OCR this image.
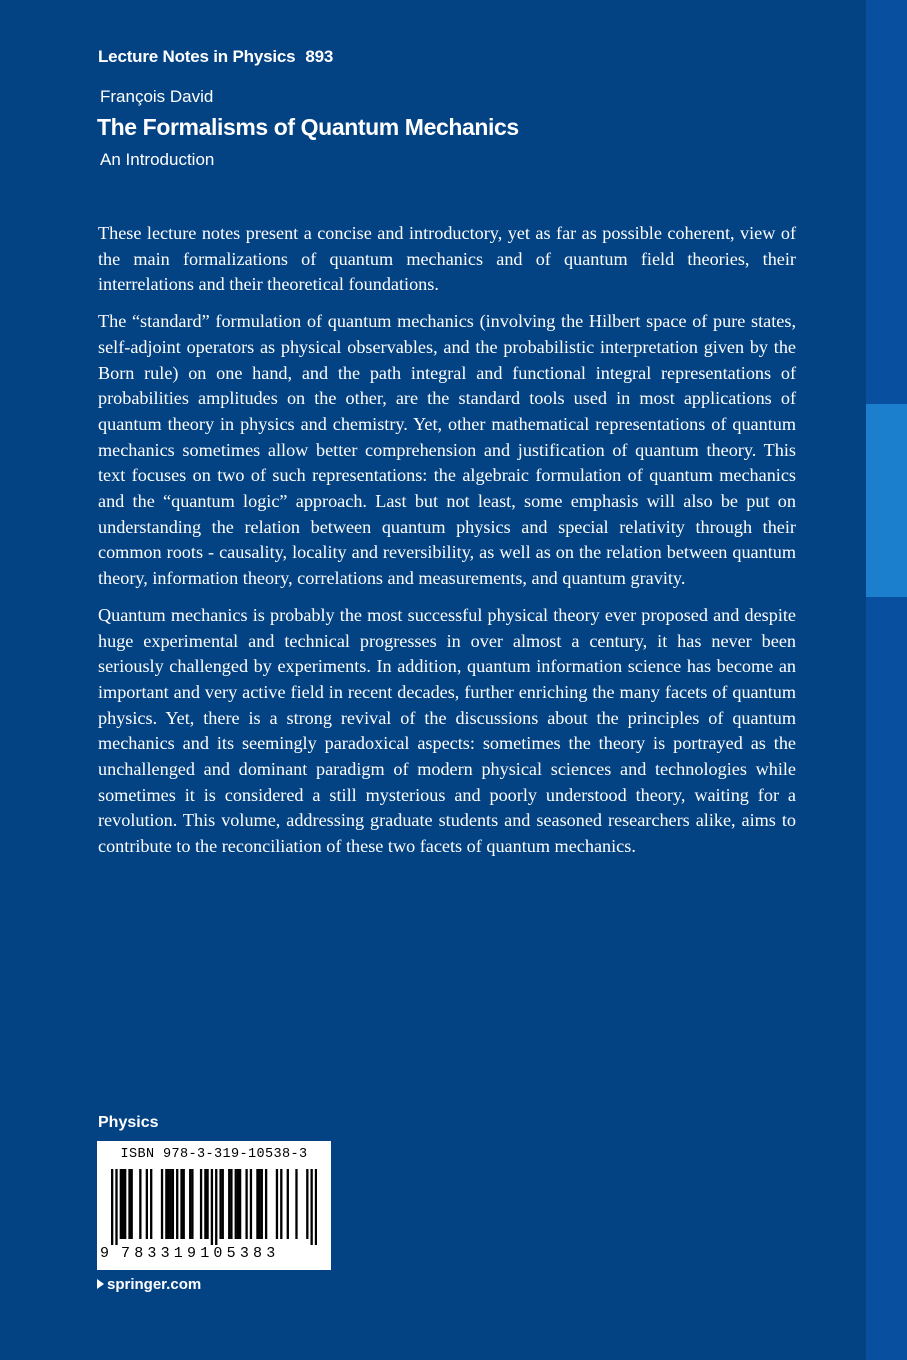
Lecture Notes in Physics 893
François David
The Formalisms of Quantum Mechanics
An Introduction

These lecture notes present a concise and introductory, yet as far as possible coherent, view of the main formalizations of quantum mechanics and of quantum field theories, their interrelations and their theoretical foundations.

The “standard” formulation of quantum mechanics (involving the Hilbert space of pure states, self-adjoint operators as physical observables, and the probabilistic interpretation given by the Born rule) on one hand, and the path integral and functional integral representations of probabilities amplitudes on the other, are the standard tools used in most applications of quantum theory in physics and chemistry. Yet, other mathematical representations of quantum mechanics sometimes allow better comprehension and justification of quantum theory. This text focuses on two of such representations: the algebraic formulation of quantum mechanics and the “quantum logic” approach. Last but not least, some emphasis will also be put on understanding the relation between quantum physics and special relativity through their common roots - causality, locality and reversibility, as well as on the relation between quantum theory, information theory, correlations and measurements, and quantum gravity.

Quantum mechanics is probably the most successful physical theory ever proposed and despite huge experimental and technical progresses in over almost a century, it has never been seriously challenged by experiments. In addition, quantum information science has become an important and very active field in recent decades, further enriching the many facets of quantum physics. Yet, there is a strong revival of the discussions about the principles of quantum mechanics and its seemingly paradoxical aspects: sometimes the theory is portrayed as the unchallenged and dominant paradigm of modern physical sciences and technologies while sometimes it is considered a still mysterious and poorly understood theory, waiting for a revolution. This volume, addressing graduate students and seasoned researchers alike, aims to contribute to the reconciliation of these two facets of quantum mechanics.

Physics
ISBN 978-3-319-10538-3
9 783319105383
springer.com
